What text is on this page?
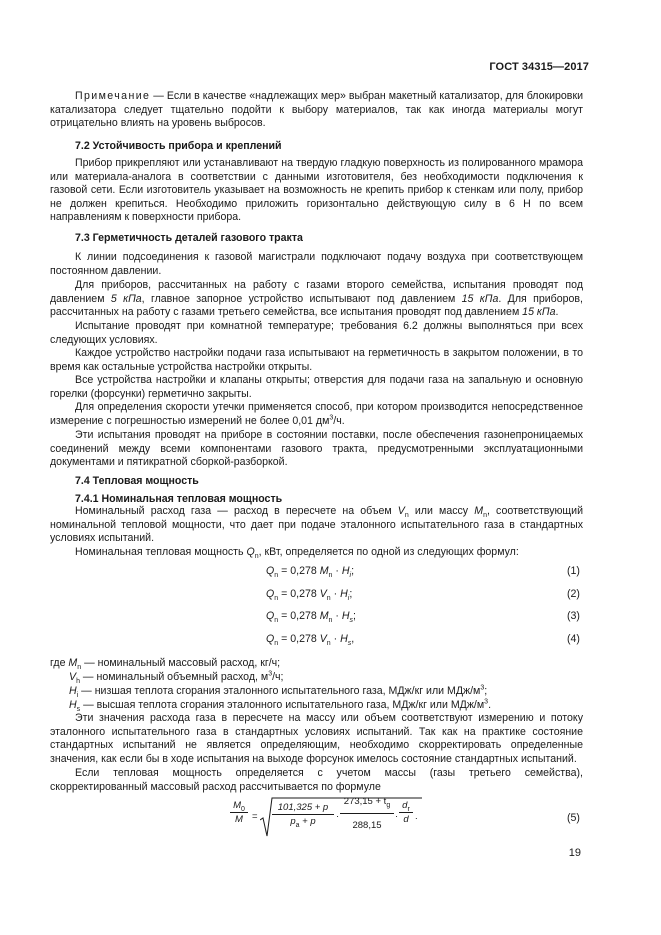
ГОСТ 34315—2017

Примечание — Если в качестве «надлежащих мер» выбран макетный катализатор, для блокировки катализатора следует тщательно подойти к выбору материалов, так как иногда материалы могут отрицательно влиять на уровень выбросов.

7.2 Устойчивость прибора и креплений

Прибор прикрепляют или устанавливают на твердую гладкую поверхность из полированного мрамора или материала-аналога в соответствии с данными изготовителя, без необходимости подключения к газовой сети. Если изготовитель указывает на возможность не крепить прибор к стенкам или полу, прибор не должен крепиться. Необходимо приложить горизонтально действующую силу в 6 Н по всем направлениям к поверхности прибора.

7.3 Герметичность деталей газового тракта

К линии подсоединения к газовой магистрали подключают подачу воздуха при соответствующем постоянном давлении.

Для приборов, рассчитанных на работу с газами второго семейства, испытания проводят под давлением 5 кПа, главное запорное устройство испытывают под давлением 15 кПа. Для приборов, рассчитанных на работу с газами третьего семейства, все испытания проводят под давлением 15 кПа.

Испытание проводят при комнатной температуре; требования 6.2 должны выполняться при всех следующих условиях.

Каждое устройство настройки подачи газа испытывают на герметичность в закрытом положении, в то время как остальные устройства настройки открыты.

Все устройства настройки и клапаны открыты; отверстия для подачи газа на запальную и основную горелки (форсунки) герметично закрыты.

Для определения скорости утечки применяется способ, при котором производится непосредственное измерение с погрешностью измерений не более 0,01 $дм^3/ч$.

Эти испытания проводят на приборе в состоянии поставки, после обеспечения газонепроницаемых соединений между всеми компонентами газового тракта, предусмотренными эксплуатационными документами и пятикратной сборкой-разборкой.

7.4 Тепловая мощность
7.4.1 Номинальная тепловая мощность

Номинальный расход газа — расход в пересчете на объем $V_n$ или массу $M_n$, соответствующий номинальной тепловой мощности, что дает при подаче эталонного испытательного газа в стандартных условиях испытаний.

Номинальная тепловая мощность $Q_n$, кВт, определяется по одной из следующих формул:

$Q_n = 0,278$ $M_n \cdot H_i$;	(1)
$Q_n = 0,278$ $V_n \cdot H_i$;	(2)
$Q_n = 0,278$ $M_n \cdot H_s$;	(3)
$Q_n = 0,278$ $V_n \cdot H_s$,	(4)
где $M_n$ — номинальный массовый расход, кг/ч;
$V_h$ — номинальный объемный расход, $м^3/ч$;
$H_i$ — низшая теплота сгорания эталонного испытательного газа, МДж/кг или МДж/$м^3$;
$H_s$ — высшая теплота сгорания эталонного испытательного газа, МДж/кг или МДж/$м^3$.

Эти значения расхода газа в пересчете на массу или объем соответствуют измерению и потоку эталонного испытательного газа в стандартных условиях испытаний. Так как на практике состояние стандартных испытаний не является определяющим, необходимо скорректировать определенные значения, как если бы в ходе испытания на выходе форсунок имелось состояние стандартных испытаний.

Если тепловая мощность определяется с учетом массы (газы третьего семейства), скорректированный массовый расход рассчитывается по формуле

$M_0$
M =
101,325 + p
$p_a + p$	·
$273,15 + t_g$
288,15
·
$d_r$
d .	(5)
19
